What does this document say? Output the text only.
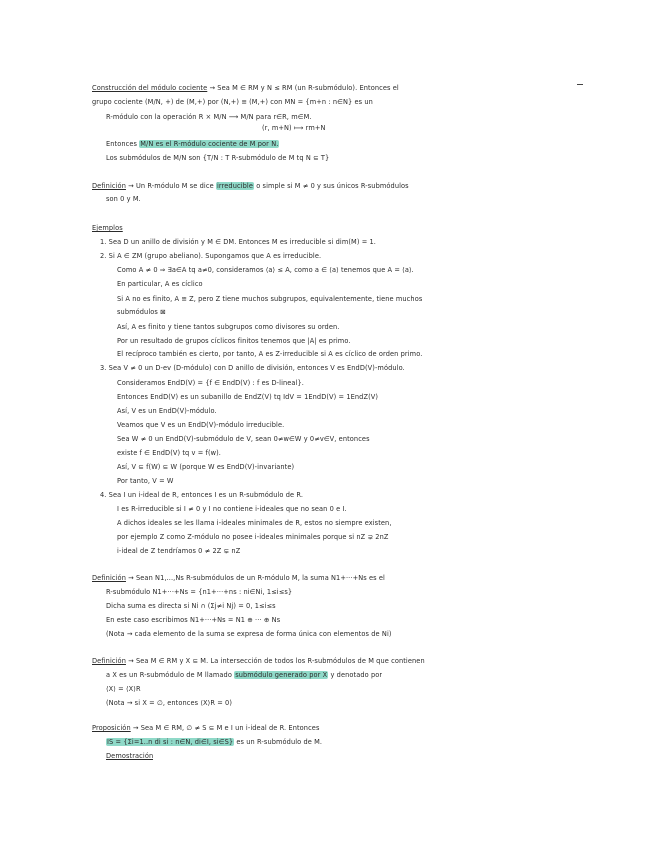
Construcción del módulo cociente → Sea M ∈ RM y N ≤ RM (un R-submódulo). Entonces el
grupo cociente (M/N, +) de (M,+) por (N,+) ≡ (M,+) con MN = {m+n : n∈N} es un
R-módulo con la operación R × M/N ⟶ M/N para r∈R, m∈M.
(r, m+N) ⟼ rm+N
Entonces M/N es el R-módulo cociente de M por N.
Los submódulos de M/N son {T/N : T R-submódulo de M tq N ⊆ T}
Definición → Un R-módulo M se dice irreducible o simple si M ≠ 0 y sus únicos R-submódulos
son 0 y M.
Ejemplos
1. Sea D un anillo de división y M ∈ DM. Entonces M es irreducible si dim(M) = 1.
2. Si A ∈ ZM (grupo abeliano). Supongamos que A es irreducible.
Como A ≠ 0 ⇒ ∃a∈A tq a≠0, consideramos ⟨a⟩ ≤ A, como a ∈ ⟨a⟩ tenemos que A = ⟨a⟩.
En particular, A es cíclico
Si A no es finito, A ≅ Z, pero Z tiene muchos subgrupos, equivalentemente, tiene muchos
submódulos ⊠
Así, A es finito y tiene tantos subgrupos como divisores su orden.
Por un resultado de grupos cíclicos finitos tenemos que |A| es primo.
El recíproco también es cierto, por tanto, A es Z-irreducible si A es cíclico de orden primo.
3. Sea V ≠ 0 un D-ev (D-módulo) con D anillo de división, entonces V es EndD(V)-módulo.
Consideramos EndD(V) = {f ∈ EndD(V) : f es D-lineal}.
Entonces EndD(V) es un subanillo de EndZ(V) tq IdV = 1EndD(V) = 1EndZ(V)
Así, V es un EndD(V)-módulo.
Veamos que V es un EndD(V)-módulo irreducible.
Sea W ≠ 0 un EndD(V)-submódulo de V, sean 0≠w∈W y 0≠v∈V, entonces
existe f ∈ EndD(V) tq v = f(w).
Así, V ⊆ f(W) ⊆ W (porque W es EndD(V)-invariante)
Por tanto, V = W
4. Sea I un i-ideal de R, entonces I es un R-submódulo de R.
I es R-irreducible si I ≠ 0 y I no contiene i-ideales que no sean 0 e I.
A dichos ideales se les llama i-ideales minimales de R, estos no siempre existen,
por ejemplo Z como Z-módulo no posee i-ideales minimales porque si nZ ⊋ 2nZ
i-ideal de Z tendríamos 0 ≠ 2Z ⊊ nZ
Definición → Sean N1,...,Ns R-submódulos de un R-módulo M, la suma N1+···+Ns es el
R-submódulo N1+···+Ns = {n1+···+ns : ni∈Ni, 1≤i≤s}
Dicha suma es directa si Ni ∩ (Σj≠i Nj) = 0, 1≤i≤s
En este caso escribimos N1+···+Ns = N1 ⊕ ··· ⊕ Ns
(Nota → cada elemento de la suma se expresa de forma única con elementos de Ni)
Definición → Sea M ∈ RM y X ⊆ M. La intersección de todos los R-submódulos de M que contienen
a X es un R-submódulo de M llamado submódulo generado por X y denotado por
⟨X⟩ = ⟨X⟩R
(Nota → si X = ∅, entonces ⟨X⟩R = 0)
Proposición → Sea M ∈ RM, ∅ ≠ S ⊆ M e I un i-ideal de R. Entonces
IS = {Σi=1..n di si : n∈N, di∈I, si∈S} es un R-submódulo de M.
Demostración
